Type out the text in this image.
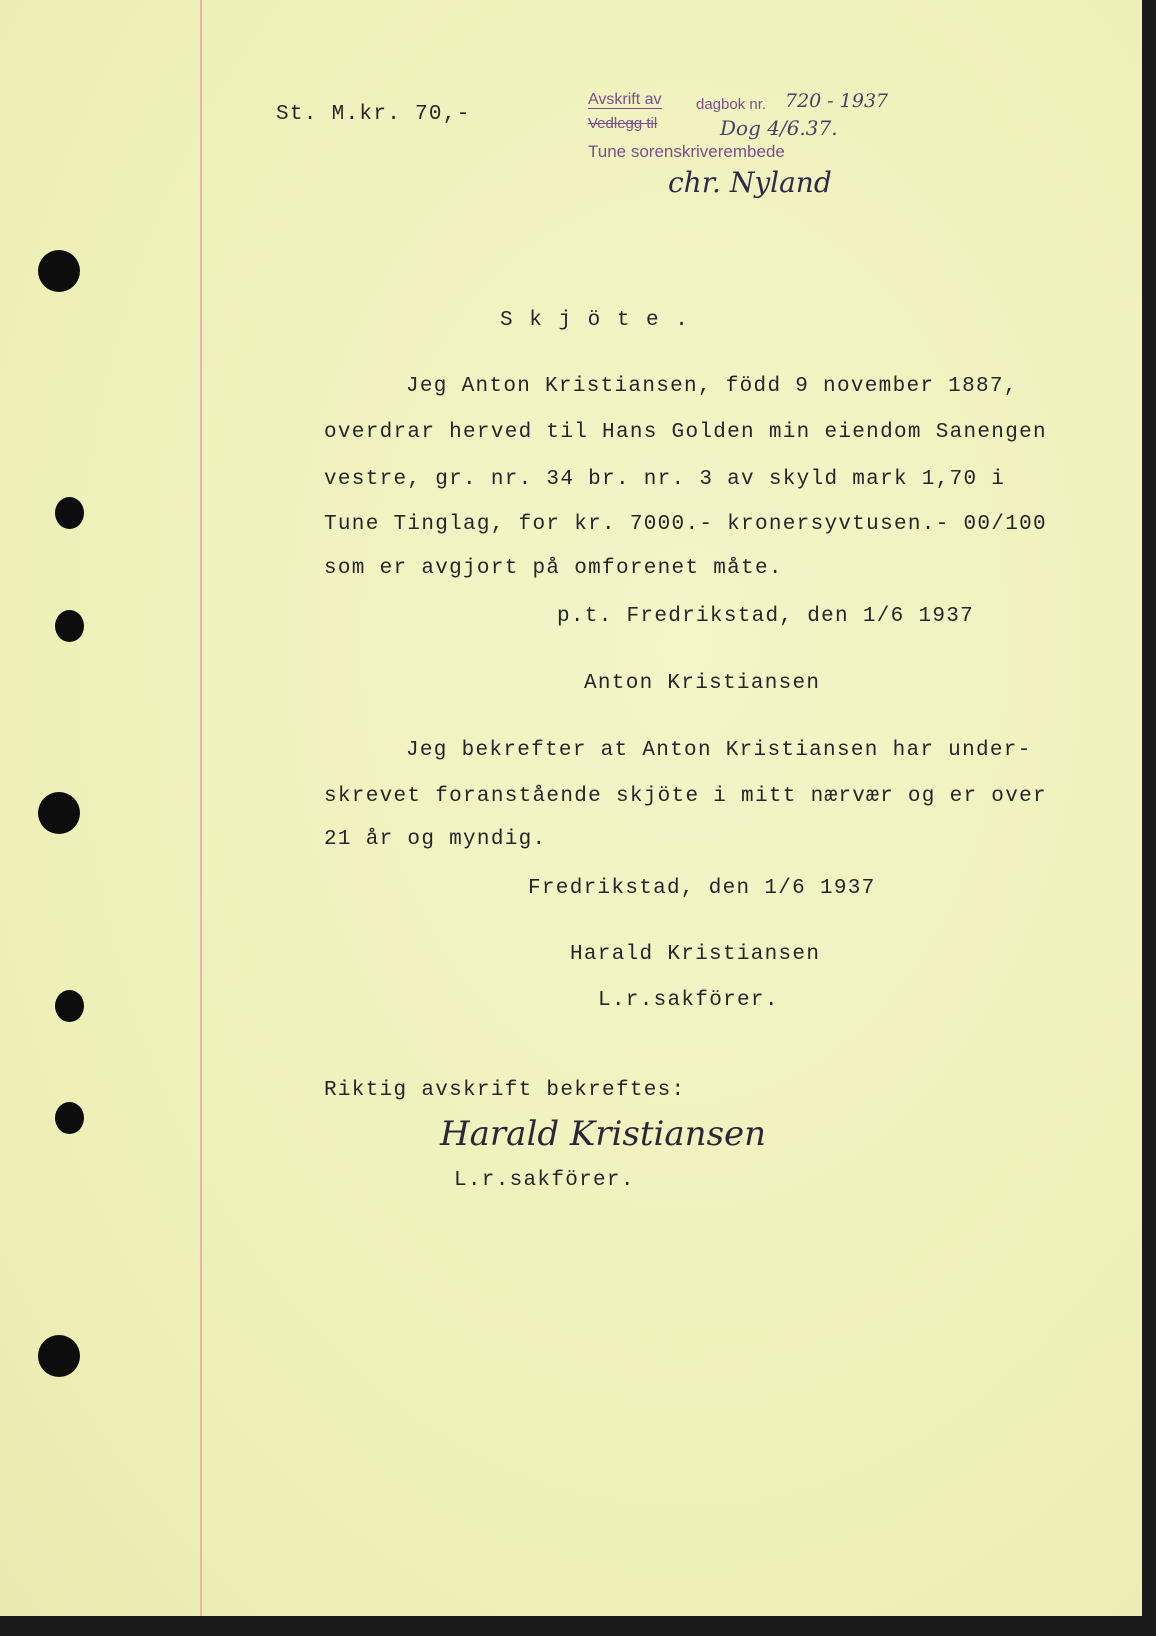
St. M.kr. 70,-
Avskrift av dagbok nr. 720 - 1937
Vedlegg til	Dog 4/6.37.
Tune sorenskriverembede
chr. Nyland
S k j ö t e .
Jeg Anton Kristiansen, född 9 november 1887,
overdrar herved til Hans Golden min eiendom Sanengen
vestre, gr. nr. 34 br. nr. 3 av skyld mark 1,70 i
Tune Tinglag, for kr. 7000.- kronersyvtusen.- 00/100
som er avgjort på omforenet måte.
p.t. Fredrikstad, den 1/6 1937
Anton Kristiansen
Jeg bekrefter at Anton Kristiansen har under-
skrevet foranstående skjöte i mitt nærvær og er over
21 år og myndig.
Fredrikstad, den 1/6 1937
Harald Kristiansen
L.r.sakförer.
Riktig avskrift bekreftes:
Harald Kristiansen
L.r.sakförer.
